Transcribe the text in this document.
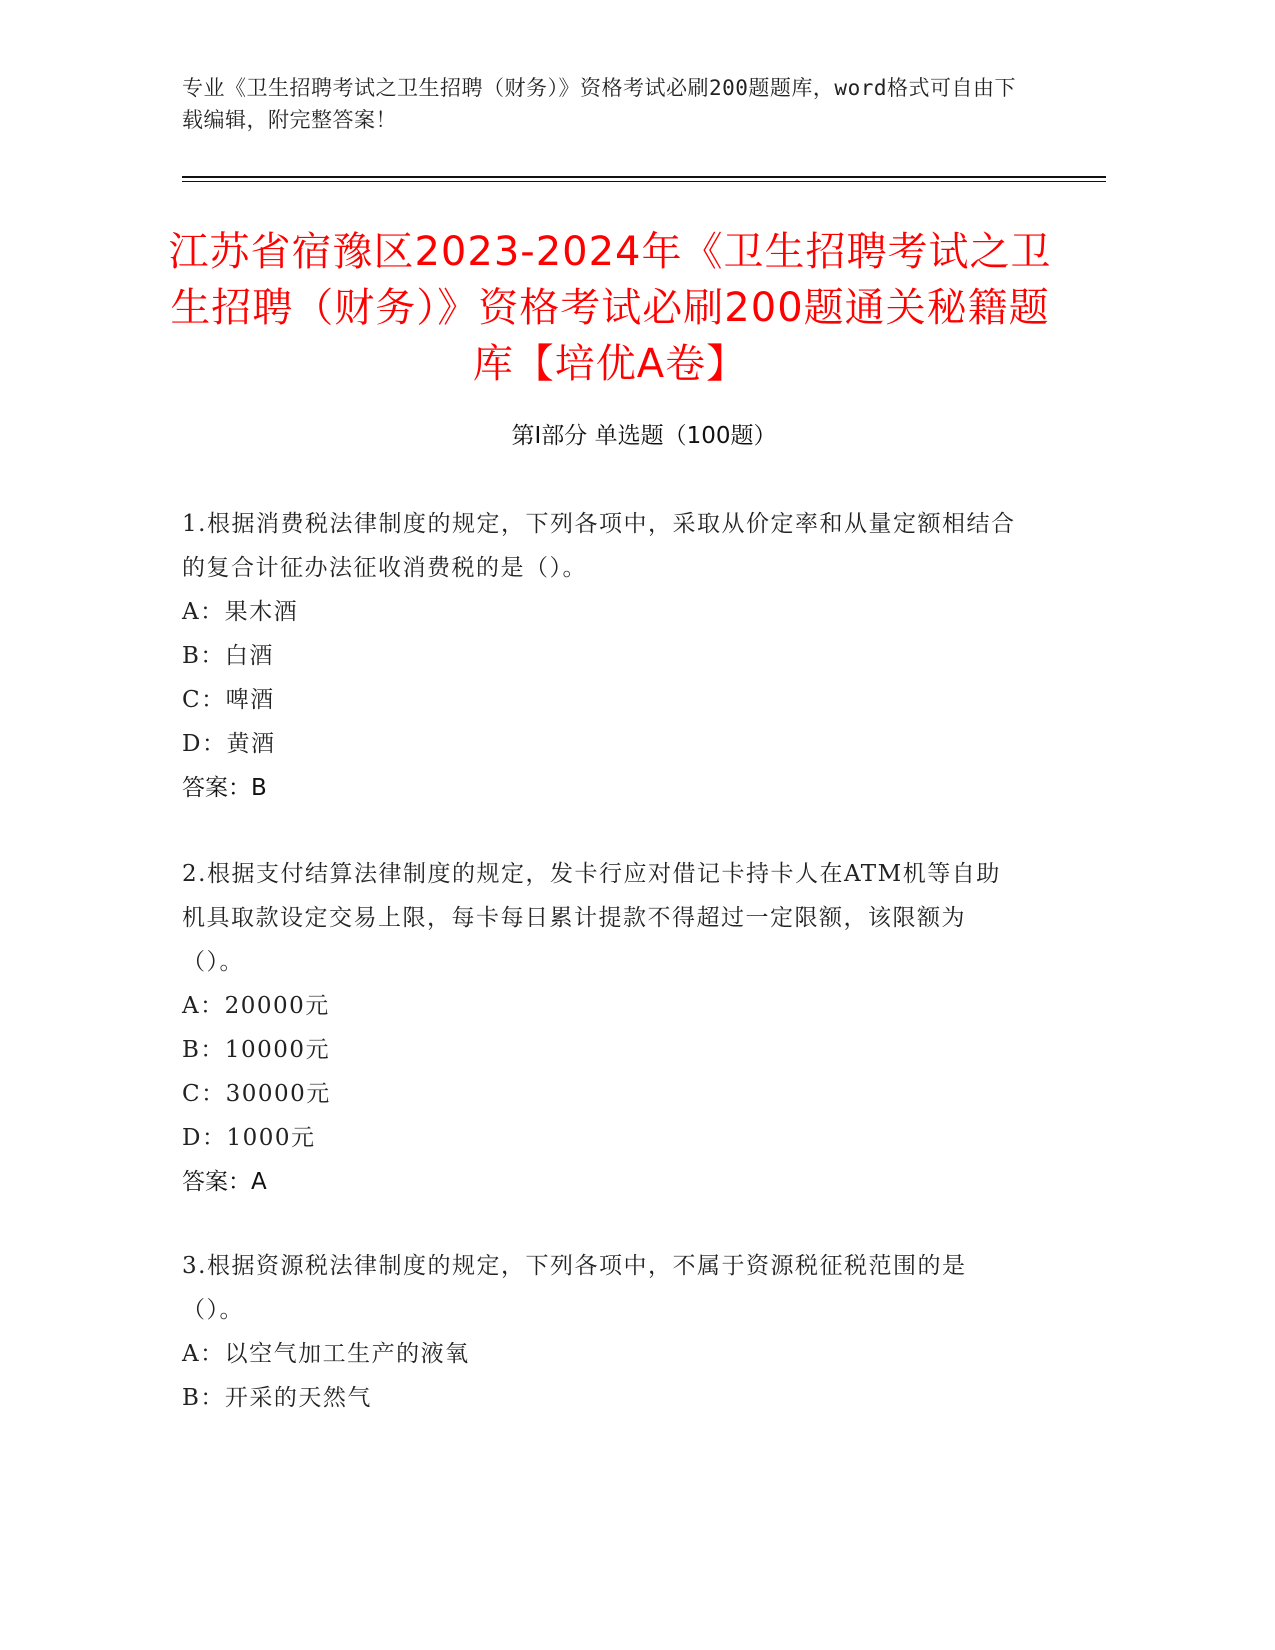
专业《卫生招聘考试之卫生招聘（财务）》资格考试必刷200题题库，word格式可自由下载编辑，附完整答案！
江苏省宿豫区2023-2024年《卫生招聘考试之卫生招聘（财务）》资格考试必刷200题通关秘籍题库【培优A卷】
第Ⅰ部分 单选题（100题）
1.根据消费税法律制度的规定，下列各项中，采取从价定率和从量定额相结合的复合计征办法征收消费税的是（）。
A：果木酒
B：白酒
C：啤酒
D：黄酒
答案：B
2.根据支付结算法律制度的规定，发卡行应对借记卡持卡人在ATM机等自助机具取款设定交易上限，每卡每日累计提款不得超过一定限额，该限额为（）。
A：20000元
B：10000元
C：30000元
D：1000元
答案：A
3.根据资源税法律制度的规定，下列各项中，不属于资源税征税范围的是（）。
A：以空气加工生产的液氧
B：开采的天然气
